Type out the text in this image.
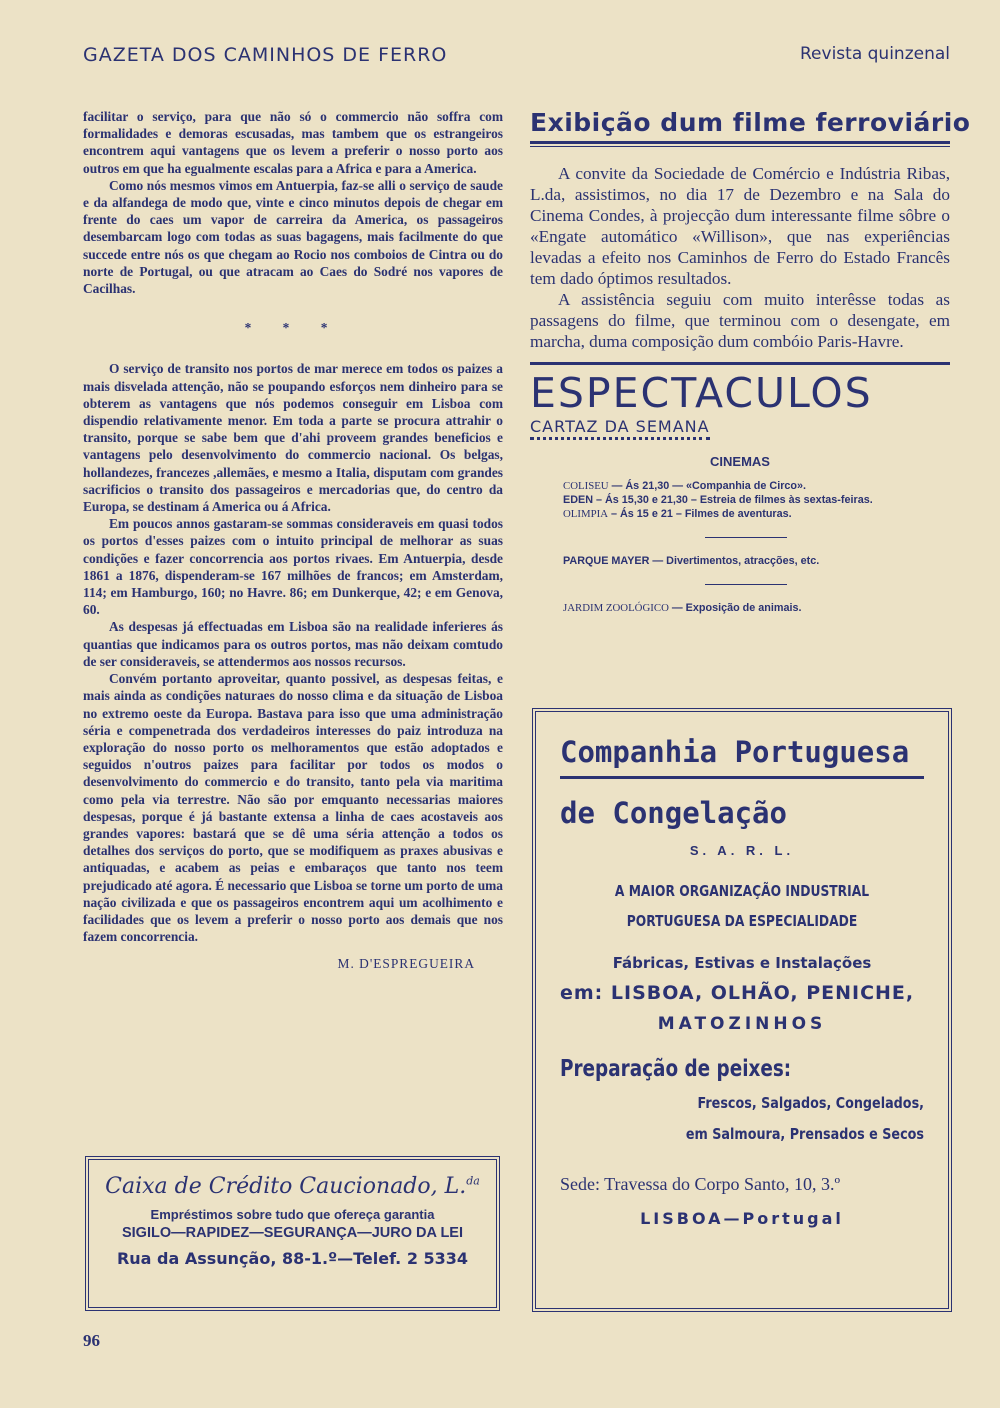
GAZETA DOS CAMINHOS DE FERRO	Revista quinzenal

facilitar o serviço, para que não só o commercio não soffra com formalidades e demoras escusadas, mas tambem que os estrangeiros encontrem aqui vantagens que os levem a preferir o nosso porto aos outros em que ha egualmente escalas para a Africa e para a America.

Como nós mesmos vimos em Antuerpia, faz-se alli o serviço de saude e da alfandega de modo que, vinte e cinco minutos depois de chegar em frente do caes um vapor de carreira da America, os passageiros desembarcam logo com todas as suas bagagens, mais facilmente do que succede entre nós os que chegam ao Rocio nos comboios de Cintra ou do norte de Portugal, ou que atracam ao Caes do Sodré nos vapores de Cacilhas.

* * *

O serviço de transito nos portos de mar merece em todos os paizes a mais disvelada attenção, não se poupando esforços nem dinheiro para se obterem as vantagens que nós podemos conseguir em Lisboa com dispendio relativamente menor. Em toda a parte se procura attrahir o transito, porque se sabe bem que d'ahi proveem grandes beneficios e vantagens pelo desenvolvimento do commercio nacional. Os belgas, hollandezes, francezes ,allemães, e mesmo a Italia, disputam com grandes sacrificios o transito dos passageiros e mercadorias que, do centro da Europa, se destinam á America ou á Africa.

Em poucos annos gastaram-se sommas consideraveis em quasi todos os portos d'esses paizes com o intuito principal de melhorar as suas condições e fazer concorrencia aos portos rivaes. Em Antuerpia, desde 1861 a 1876, dispenderam-se 167 milhões de francos; em Amsterdam, 114; em Hamburgo, 160; no Havre. 86; em Dunkerque, 42; e em Genova, 60.

As despesas já effectuadas em Lisboa são na realidade inferieres ás quantias que indicamos para os outros portos, mas não deixam comtudo de ser consideraveis, se attendermos aos nossos recursos.

Convém portanto aproveitar, quanto possivel, as despesas feitas, e mais ainda as condições naturaes do nosso clima e da situação de Lisboa no extremo oeste da Europa. Bastava para isso que uma administração séria e compenetrada dos verdadeiros interesses do paiz introduza na exploração do nosso porto os melhoramentos que estão adoptados e seguidos n'outros paizes para facilitar por todos os modos o desenvolvimento do commercio e do transito, tanto pela via maritima como pela via terrestre. Não são por emquanto necessarias maiores despesas, porque é já bastante extensa a linha de caes acostaveis aos grandes vapores: bastará que se dê uma séria attenção a todos os detalhes dos serviços do porto, que se modifiquem as praxes abusivas e antiquadas, e acabem as peias e embaraços que tanto nos teem prejudicado até agora. É necessario que Lisboa se torne um porto de uma nação civilizada e que os passageiros encontrem aqui um acolhimento e facilidades que os levem a preferir o nosso porto aos demais que nos fazem concorrencia.

M. D'ESPREGUEIRA
Exibição dum filme ferroviário

A convite da Sociedade de Comércio e Indústria Ribas, L.da, assistimos, no dia 17 de Dezembro e na Sala do Cinema Condes, à projecção dum interessante filme sôbre o «Engate automático «Willison», que nas experiências levadas a efeito nos Caminhos de Ferro do Estado Francês tem dado óptimos resultados.

A assistência seguiu com muito interêsse todas as passagens do filme, que terminou com o desengate, em marcha, duma composição dum combóio Paris-Havre.

ESPECTACULOS
CARTAZ DA SEMANA
CINEMAS
COLISEU — Ás 21,30 — «Companhia de Circo».
EDEN – Ás 15,30 e 21,30 – Estreia de filmes às sextas-feiras.
OLIMPIA – Ás 15 e 21 – Filmes de aventuras.
PARQUE MAYER — Divertimentos, atracções, etc.
JARDIM ZOOLÓGICO — Exposição de animais.
Caixa de Crédito Caucionado, L.$^{da}$
Empréstimos sobre tudo que ofereça garantia
SIGILO—RAPIDEZ—SEGURANÇA—JURO DA LEI
Rua da Assunção, 88-1.º—Telef. 2 5334
Companhia Portuguesa
de Congelação
S. A. R. L.
A MAIOR ORGANIZAÇÃO INDUSTRIAL
PORTUGUESA DA ESPECIALIDADE
Fábricas, Estivas e Instalações
em: LISBOA, OLHÃO, PENICHE,
MATOZINHOS
Preparação de peixes:
Frescos, Salgados, Congelados,
em Salmoura, Prensados e Secos
Sede: Travessa do Corpo Santo, 10, 3.º
LISBOA—Portugal
96
